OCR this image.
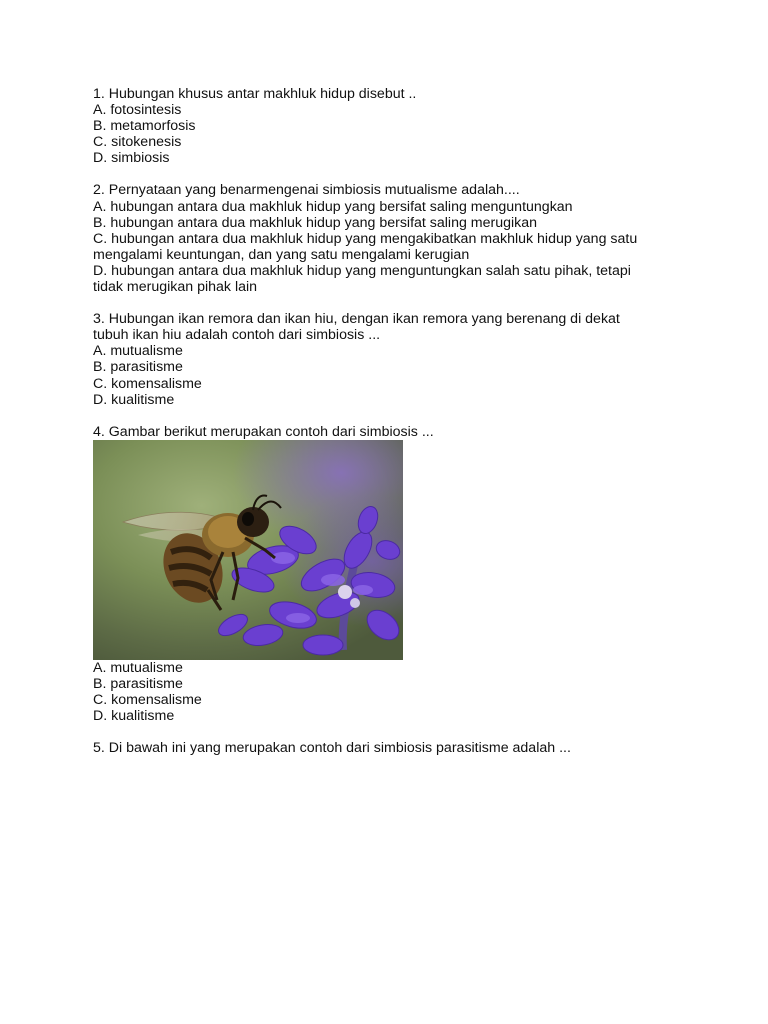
1. Hubungan khusus antar makhluk hidup disebut ..
A. fotosintesis
B. metamorfosis
C. sitokenesis
D. simbiosis
2. Pernyataan yang benarmengenai simbiosis mutualisme adalah....
A. hubungan antara dua makhluk hidup yang bersifat saling menguntungkan
B. hubungan antara dua makhluk hidup yang bersifat saling merugikan
C. hubungan antara dua makhluk hidup yang mengakibatkan makhluk hidup yang satu
mengalami keuntungan, dan yang satu mengalami kerugian
D. hubungan antara dua makhluk hidup yang menguntungkan salah satu pihak, tetapi
tidak merugikan pihak lain
3. Hubungan ikan remora dan ikan hiu, dengan ikan remora yang berenang di dekat
tubuh ikan hiu adalah contoh dari simbiosis ...
A. mutualisme
B. parasitisme
C. komensalisme
D. kualitisme
4. Gambar berikut merupakan contoh dari simbiosis ...
A. mutualisme
B. parasitisme
C. komensalisme
D. kualitisme
5. Di bawah ini yang merupakan contoh dari simbiosis parasitisme adalah ...
